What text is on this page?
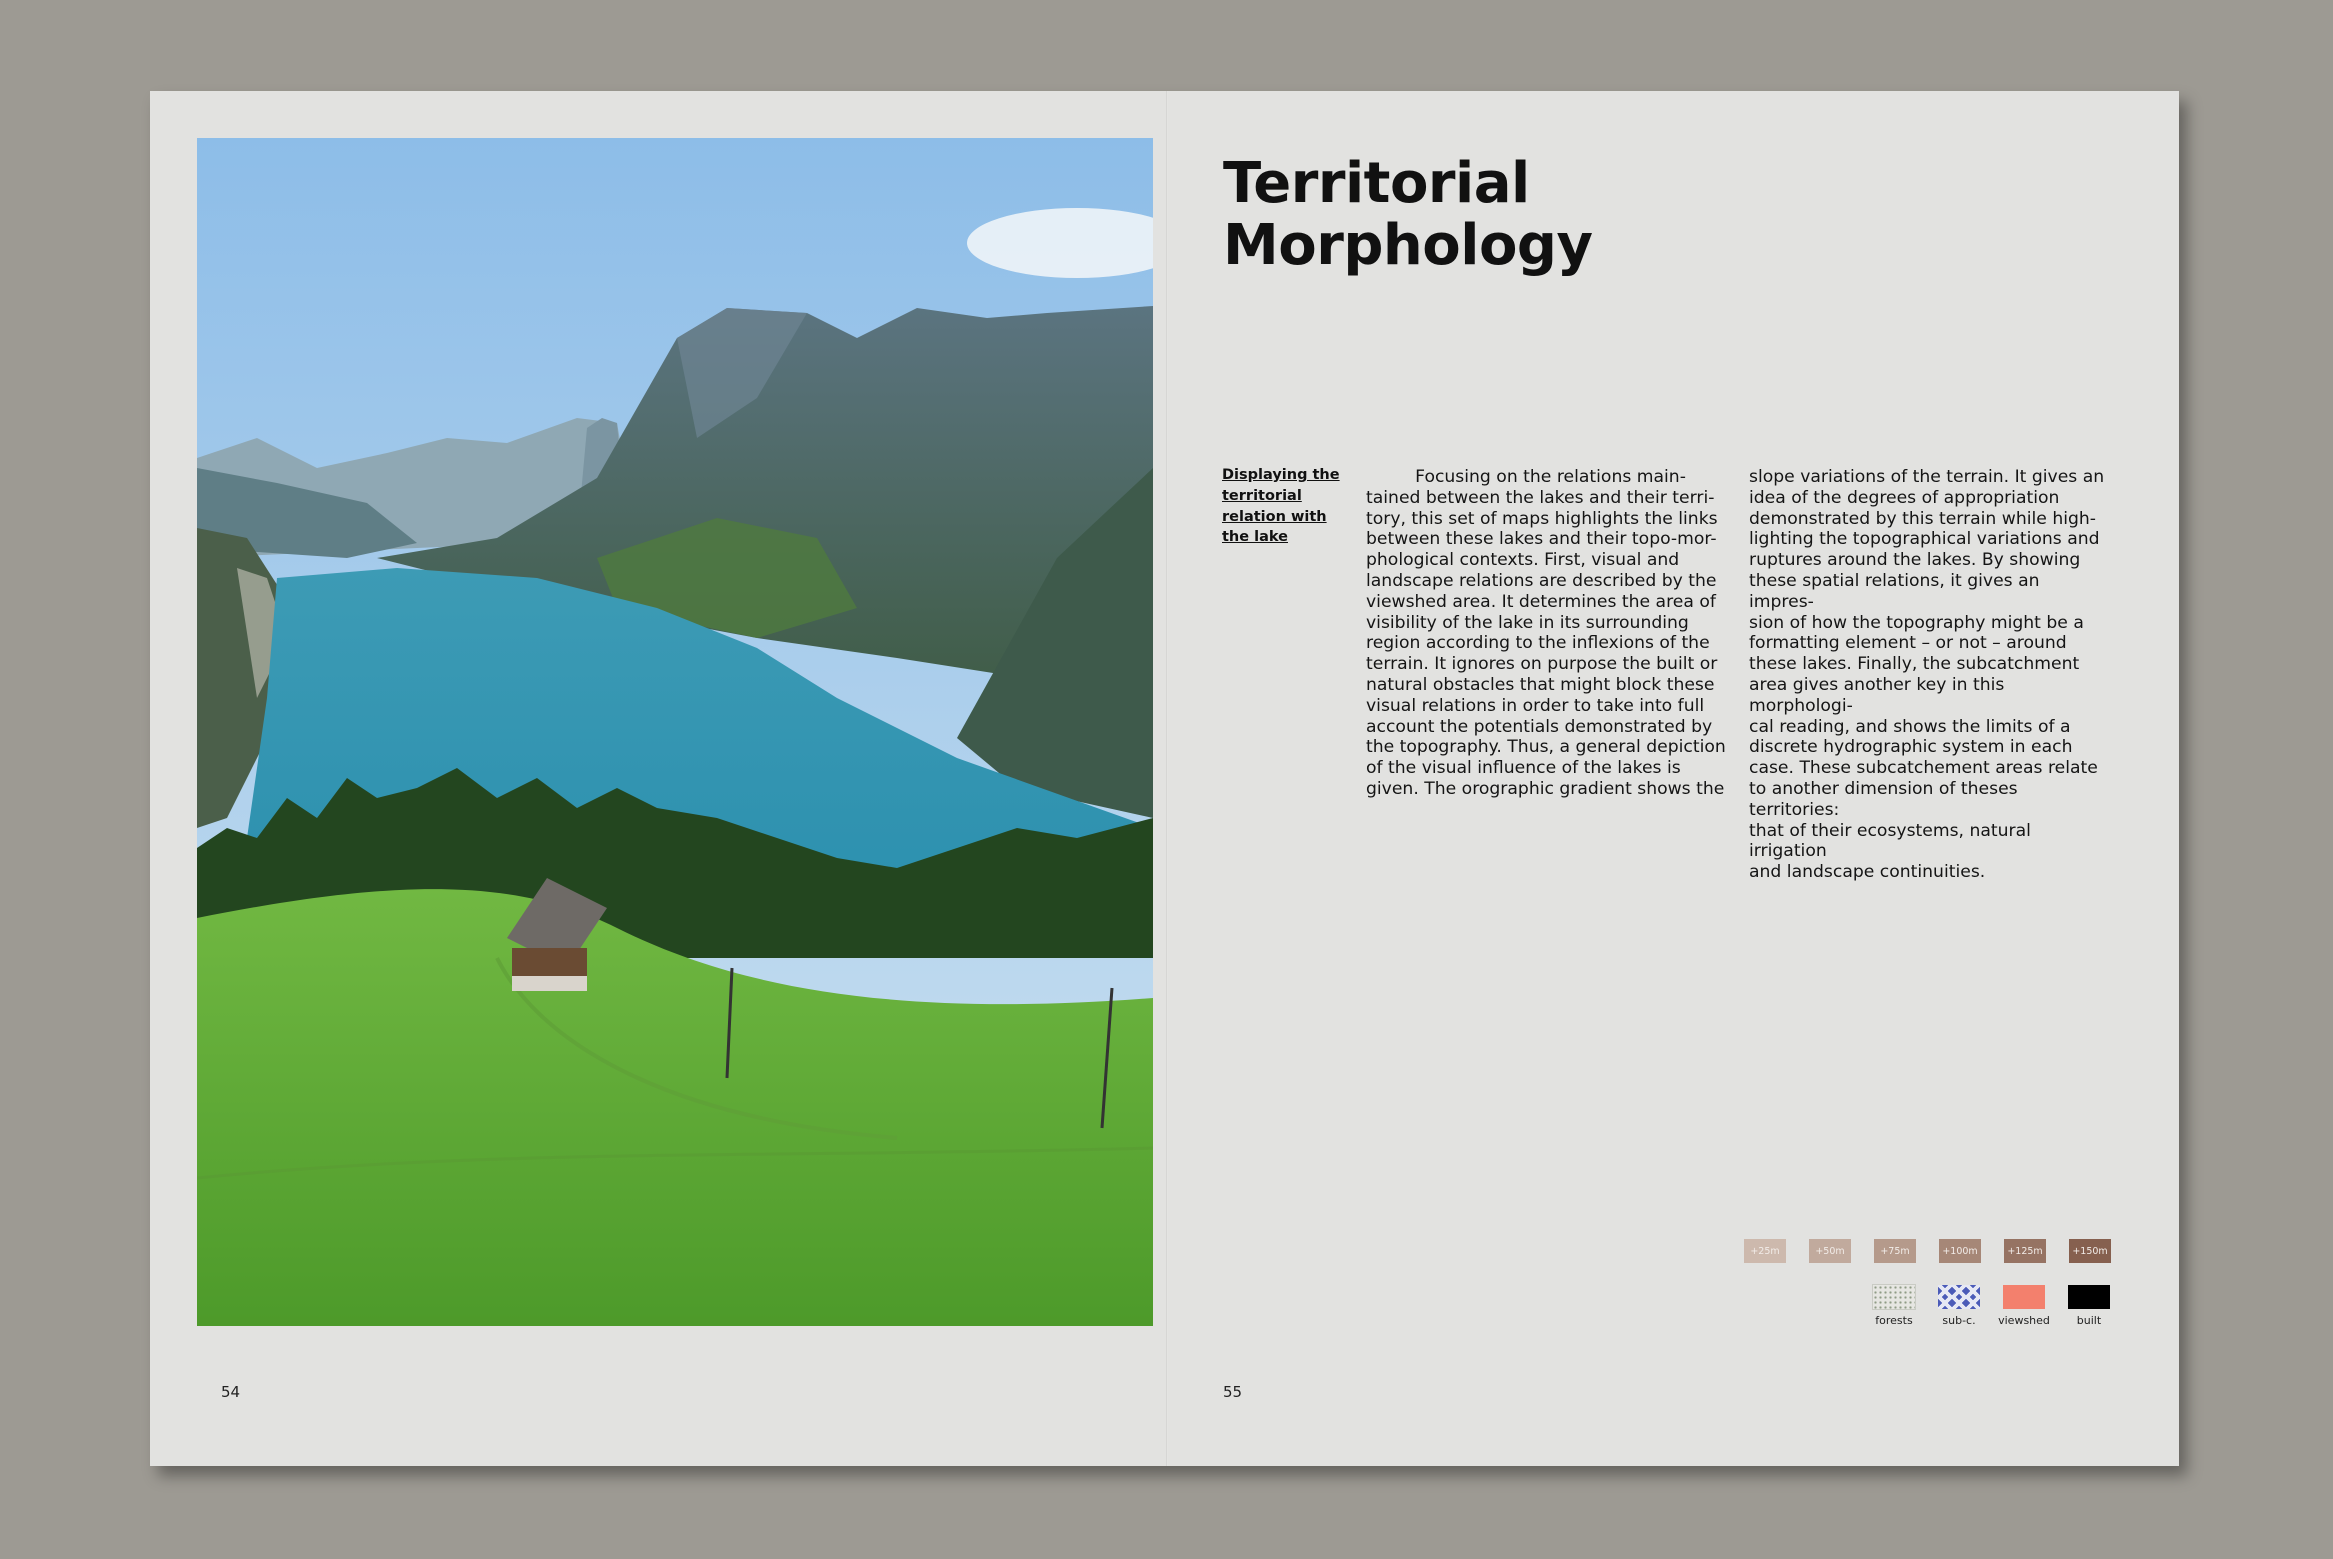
54
Territorial
Morphology
Displaying the
territorial
relation with
the lake
Focusing on the relations main-
tained between the lakes and their terri-
tory, this set of maps highlights the links
between these lakes and their topo-mor-
phological contexts. First, visual and
landscape relations are described by the
viewshed area. It determines the area of
visibility of the lake in its surrounding
region according to the inflexions of the
terrain. It ignores on purpose the built or
natural obstacles that might block these
visual relations in order to take into full
account the potentials demonstrated by
the topography. Thus, a general depiction
of the visual influence of the lakes is
given. The orographic gradient shows the
slope variations of the terrain. It gives an
idea of the degrees of appropriation
demonstrated by this terrain while high-
lighting the topographical variations and
ruptures around the lakes. By showing
these spatial relations, it gives an impres-
sion of how the topography might be a
formatting element – or not – around
these lakes. Finally, the subcatchment
area gives another key in this morphologi-
cal reading, and shows the limits of a
discrete hydrographic system in each
case. These subcatchement areas relate
to another dimension of theses territories:
that of their ecosystems, natural irrigation
and landscape continuities.
+25m	+50m	+75m	+100m	+125m	+150m
forests	sub-c. viewshed built
55
